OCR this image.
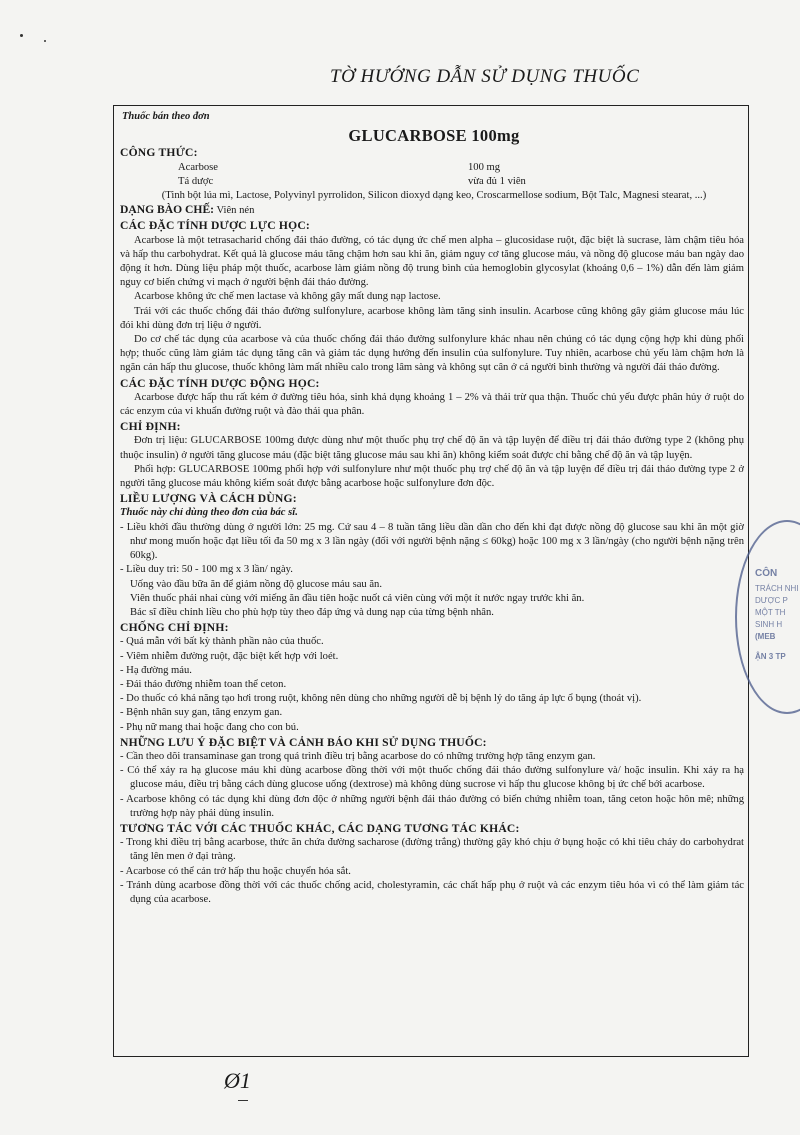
TỜ HƯỚNG DẪN SỬ DỤNG THUỐC
Thuốc bán theo đơn
GLUCARBOSE 100mg
CÔNG THỨC:
Acarbose	100 mg
Tá dược	vừa đủ 1 viên
(Tinh bột lúa mì, Lactose, Polyvinyl pyrrolidon, Silicon dioxyd dạng keo, Croscarmellose sodium, Bột Talc, Magnesi stearat, ...)
DẠNG BÀO CHẾ: Viên nén
CÁC ĐẶC TÍNH DƯỢC LỰC HỌC:
Acarbose là một tetrasacharid chống đái tháo đường, có tác dụng ức chế men alpha – glucosidase ruột, đặc biệt là sucrase, làm chậm tiêu hóa và hấp thu carbohydrat. Kết quả là glucose máu tăng chậm hơn sau khi ăn, giảm nguy cơ tăng glucose máu, và nồng độ glucose máu ban ngày dao động ít hơn. Dùng liệu pháp một thuốc, acarbose làm giảm nồng độ trung bình của hemoglobin glycosylat (khoảng 0,6 – 1%) dẫn đến làm giảm nguy cơ biến chứng vi mạch ở người bệnh đái tháo đường.
Acarbose không ức chế men lactase và không gây mất dung nạp lactose.
Trái với các thuốc chống đái tháo đường sulfonylure, acarbose không làm tăng sinh insulin. Acarbose cũng không gây giảm glucose máu lúc đói khi dùng đơn trị liệu ở người.
Do cơ chế tác dụng của acarbose và của thuốc chống đái tháo đường sulfonylure khác nhau nên chúng có tác dụng cộng hợp khi dùng phối hợp; thuốc cũng làm giảm tác dụng tăng cân và giảm tác dụng hướng đến insulin của sulfonylure. Tuy nhiên, acarbose chủ yếu làm chậm hơn là ngăn cản hấp thu glucose, thuốc không làm mất nhiều calo trong lâm sàng và không sụt cân ở cả người bình thường và người đái tháo đường.
CÁC ĐẶC TÍNH DƯỢC ĐỘNG HỌC:
Acarbose được hấp thu rất kém ở đường tiêu hóa, sinh khả dụng khoảng 1 – 2% và thải trừ qua thận. Thuốc chủ yếu được phân hủy ở ruột do các enzym của vi khuẩn đường ruột và đào thải qua phân.
CHỈ ĐỊNH:
Đơn trị liệu: GLUCARBOSE 100mg được dùng như một thuốc phụ trợ chế độ ăn và tập luyện để điều trị đái tháo đường type 2 (không phụ thuộc insulin) ở người tăng glucose máu (đặc biệt tăng glucose máu sau khi ăn) không kiểm soát được chỉ bằng chế độ ăn và tập luyện.
Phối hợp: GLUCARBOSE 100mg phối hợp với sulfonylure như một thuốc phụ trợ chế độ ăn và tập luyện để điều trị đái tháo đường type 2 ở người tăng glucose máu không kiểm soát được bằng acarbose hoặc sulfonylure đơn độc.
LIỀU LƯỢNG VÀ CÁCH DÙNG:
Thuốc này chỉ dùng theo đơn của bác sĩ.
- Liều khởi đầu thường dùng ở người lớn: 25 mg. Cứ sau 4 – 8 tuần tăng liều dần dần cho đến khi đạt được nồng độ glucose sau khi ăn một giờ như mong muốn hoặc đạt liều tối đa 50 mg x 3 lần ngày (đối với người bệnh nặng ≤ 60kg) hoặc 100 mg x 3 lần/ngày (cho người bệnh nặng trên 60kg).
- Liều duy trì: 50 - 100 mg x 3 lần/ ngày.
Uống vào đầu bữa ăn để giảm nồng độ glucose máu sau ăn.
Viên thuốc phải nhai cùng với miếng ăn đầu tiên hoặc nuốt cả viên cùng với một ít nước ngay trước khi ăn.
Bác sĩ điều chỉnh liều cho phù hợp tùy theo đáp ứng và dung nạp của từng bệnh nhân.
CHỐNG CHỈ ĐỊNH:
- Quá mẫn với bất kỳ thành phần nào của thuốc.
- Viêm nhiễm đường ruột, đặc biệt kết hợp với loét.
- Hạ đường máu.
- Đái tháo đường nhiễm toan thể ceton.
- Do thuốc có khả năng tạo hơi trong ruột, không nên dùng cho những người dễ bị bệnh lý do tăng áp lực ổ bụng (thoát vị).
- Bệnh nhân suy gan, tăng enzym gan.
- Phụ nữ mang thai hoặc đang cho con bú.
NHỮNG LƯU Ý ĐẶC BIỆT VÀ CẢNH BÁO KHI SỬ DỤNG THUỐC:
- Cần theo dõi transaminase gan trong quá trình điều trị bằng acarbose do có những trường hợp tăng enzym gan.
- Có thể xảy ra hạ glucose máu khi dùng acarbose đồng thời với một thuốc chống đái tháo đường sulfonylure và/ hoặc insulin. Khi xảy ra hạ glucose máu, điều trị bằng cách dùng glucose uống (dextrose) mà không dùng sucrose vì hấp thu glucose không bị ức chế bởi acarbose.
- Acarbose không có tác dụng khi dùng đơn độc ở những người bệnh đái tháo đường có biến chứng nhiễm toan, tăng ceton hoặc hôn mê; những trường hợp này phải dùng insulin.
TƯƠNG TÁC VỚI CÁC THUỐC KHÁC, CÁC DẠNG TƯƠNG TÁC KHÁC:
- Trong khi điều trị bằng acarbose, thức ăn chứa đường sacharose (đường trắng) thường gây khó chịu ở bụng hoặc có khi tiêu chảy do carbohydrat tăng lên men ở đại tràng.
- Acarbose có thể cản trở hấp thu hoặc chuyển hóa sắt.
- Tránh dùng acarbose đồng thời với các thuốc chống acid, cholestyramin, các chất hấp phụ ở ruột và các enzym tiêu hóa vì có thể làm giảm tác dụng của acarbose.
CÔN
TRÁCH NHI
DƯỢC P
MỘT TH
SINH H
(MEB
ẬN 3 TP
Ø1
